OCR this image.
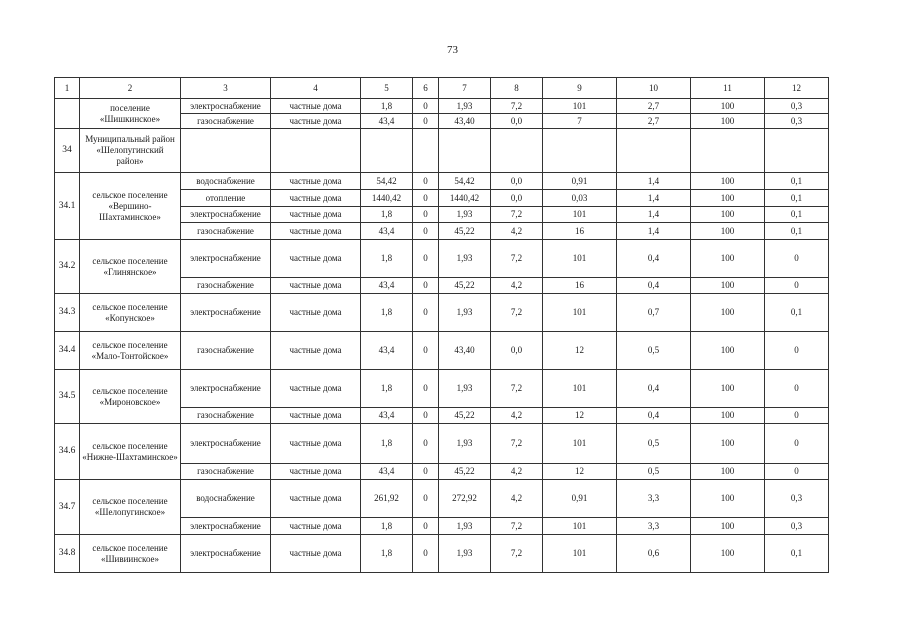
73
1	2	3	4	5	6	7	8	9	10	11	12
	поселение «Шишкинское»	электроснабжение	частные дома	1,8	0	1,93	7,2	101	2,7	100	0,3
		газоснабжение	частные дома	43,4	0	43,40	0,0	7	2,7	100	0,3
34	Муниципальный район «Шелопугинский район»										
34.1	сельское поселение «Вершино-Шахтаминское»	водоснабжение	частные дома	54,42	0	54,42	0,0	0,91	1,4	100	0,1
		отопление	частные дома	1440,42	0	1440,42	0,0	0,03	1,4	100	0,1
		электроснабжение	частные дома	1,8	0	1,93	7,2	101	1,4	100	0,1
		газоснабжение	частные дома	43,4	0	45,22	4,2	16	1,4	100	0,1
34.2	сельское поселение «Глинянское»	электроснабжение	частные дома	1,8	0	1,93	7,2	101	0,4	100	0
		газоснабжение	частные дома	43,4	0	45,22	4,2	16	0,4	100	0
34.3	сельское поселение «Копунское»	электроснабжение	частные дома	1,8	0	1,93	7,2	101	0,7	100	0,1
34.4	сельское поселение «Мало-Тонтойское»	газоснабжение	частные дома	43,4	0	43,40	0,0	12	0,5	100	0
34.5	сельское поселение «Мироновское»	электроснабжение	частные дома	1,8	0	1,93	7,2	101	0,4	100	0
		газоснабжение	частные дома	43,4	0	45,22	4,2	12	0,4	100	0
34.6	сельское поселение «Нижне-Шахтаминское»	электроснабжение	частные дома	1,8	0	1,93	7,2	101	0,5	100	0
		газоснабжение	частные дома	43,4	0	45,22	4,2	12	0,5	100	0
34.7	сельское поселение «Шелопугинское»	водоснабжение	частные дома	261,92	0	272,92	4,2	0,91	3,3	100	0,3
		электроснабжение	частные дома	1,8	0	1,93	7,2	101	3,3	100	0,3
34.8	сельское поселение «Шивиинское»	электроснабжение	частные дома	1,8	0	1,93	7,2	101	0,6	100	0,1
